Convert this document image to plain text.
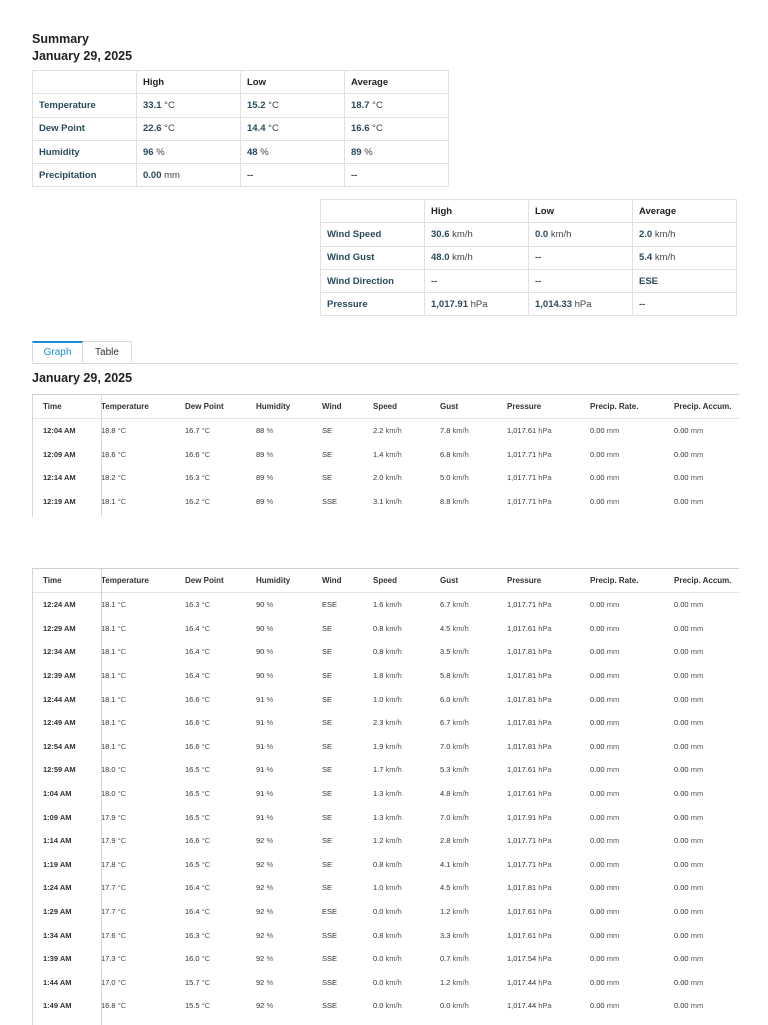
Summary
January 29, 2025
	High	Low	Average
Temperature	33.1 °C	15.2 °C	18.7 °C
Dew Point	22.6 °C	14.4 °C	16.6 °C
Humidity	96 %	48 %	89 %
Precipitation	0.00 mm	--	--
	High	Low	Average
Wind Speed	30.6 km/h	0.0 km/h	2.0 km/h
Wind Gust	48.0 km/h	--	5.4 km/h
Wind Direction	--	--	ESE
Pressure	1,017.91 hPa	1,014.33 hPa	--
Graph	Table
January 29, 2025
Time	Temperature	Dew Point	Humidity	Wind	Speed	Gust	Pressure	Precip. Rate.	Precip. Accum.
12:04 AM	18.8 °C	16.7 °C	88 %	SE	2.2 km/h	7.8 km/h	1,017.61 hPa	0.00 mm	0.00 mm
12:09 AM	18.6 °C	16.6 °C	89 %	SE	1.4 km/h	6.8 km/h	1,017.71 hPa	0.00 mm	0.00 mm
12:14 AM	18.2 °C	16.3 °C	89 %	SE	2.0 km/h	5.0 km/h	1,017.71 hPa	0.00 mm	0.00 mm
12:19 AM	18.1 °C	16.2 °C	89 %	SSE	3.1 km/h	8.8 km/h	1,017.71 hPa	0.00 mm	0.00 mm
Time	Temperature	Dew Point	Humidity	Wind	Speed	Gust	Pressure	Precip. Rate.	Precip. Accum.
12:24 AM	18.1 °C	16.3 °C	90 %	ESE	1.6 km/h	6.7 km/h	1,017.71 hPa	0.00 mm	0.00 mm
12:29 AM	18.1 °C	16.4 °C	90 %	SE	0.8 km/h	4.5 km/h	1,017.61 hPa	0.00 mm	0.00 mm
12:34 AM	18.1 °C	16.4 °C	90 %	SE	0.8 km/h	3.5 km/h	1,017.81 hPa	0.00 mm	0.00 mm
12:39 AM	18.1 °C	16.4 °C	90 %	SE	1.8 km/h	5.8 km/h	1,017.81 hPa	0.00 mm	0.00 mm
12:44 AM	18.1 °C	16.6 °C	91 %	SE	1.0 km/h	6.0 km/h	1,017.81 hPa	0.00 mm	0.00 mm
12:49 AM	18.1 °C	16.6 °C	91 %	SE	2.3 km/h	6.7 km/h	1,017.81 hPa	0.00 mm	0.00 mm
12:54 AM	18.1 °C	16.6 °C	91 %	SE	1.9 km/h	7.0 km/h	1,017.81 hPa	0.00 mm	0.00 mm
12:59 AM	18.0 °C	16.5 °C	91 %	SE	1.7 km/h	5.3 km/h	1,017.61 hPa	0.00 mm	0.00 mm
1:04 AM	18.0 °C	16.5 °C	91 %	SE	1.3 km/h	4.8 km/h	1,017.61 hPa	0.00 mm	0.00 mm
1:09 AM	17.9 °C	16.5 °C	91 %	SE	1.3 km/h	7.0 km/h	1,017.91 hPa	0.00 mm	0.00 mm
1:14 AM	17.9 °C	16.6 °C	92 %	SE	1.2 km/h	2.8 km/h	1,017.71 hPa	0.00 mm	0.00 mm
1:19 AM	17.8 °C	16.5 °C	92 %	SE	0.8 km/h	4.1 km/h	1,017.71 hPa	0.00 mm	0.00 mm
1:24 AM	17.7 °C	16.4 °C	92 %	SE	1.0 km/h	4.5 km/h	1,017.81 hPa	0.00 mm	0.00 mm
1:29 AM	17.7 °C	16.4 °C	92 %	ESE	0.0 km/h	1.2 km/h	1,017.61 hPa	0.00 mm	0.00 mm
1:34 AM	17.6 °C	16.3 °C	92 %	SSE	0.8 km/h	3.3 km/h	1,017.61 hPa	0.00 mm	0.00 mm
1:39 AM	17.3 °C	16.0 °C	92 %	SSE	0.0 km/h	0.7 km/h	1,017.54 hPa	0.00 mm	0.00 mm
1:44 AM	17.0 °C	15.7 °C	92 %	SSE	0.0 km/h	1.2 km/h	1,017.44 hPa	0.00 mm	0.00 mm
1:49 AM	16.8 °C	15.5 °C	92 %	SSE	0.0 km/h	0.0 km/h	1,017.44 hPa	0.00 mm	0.00 mm
